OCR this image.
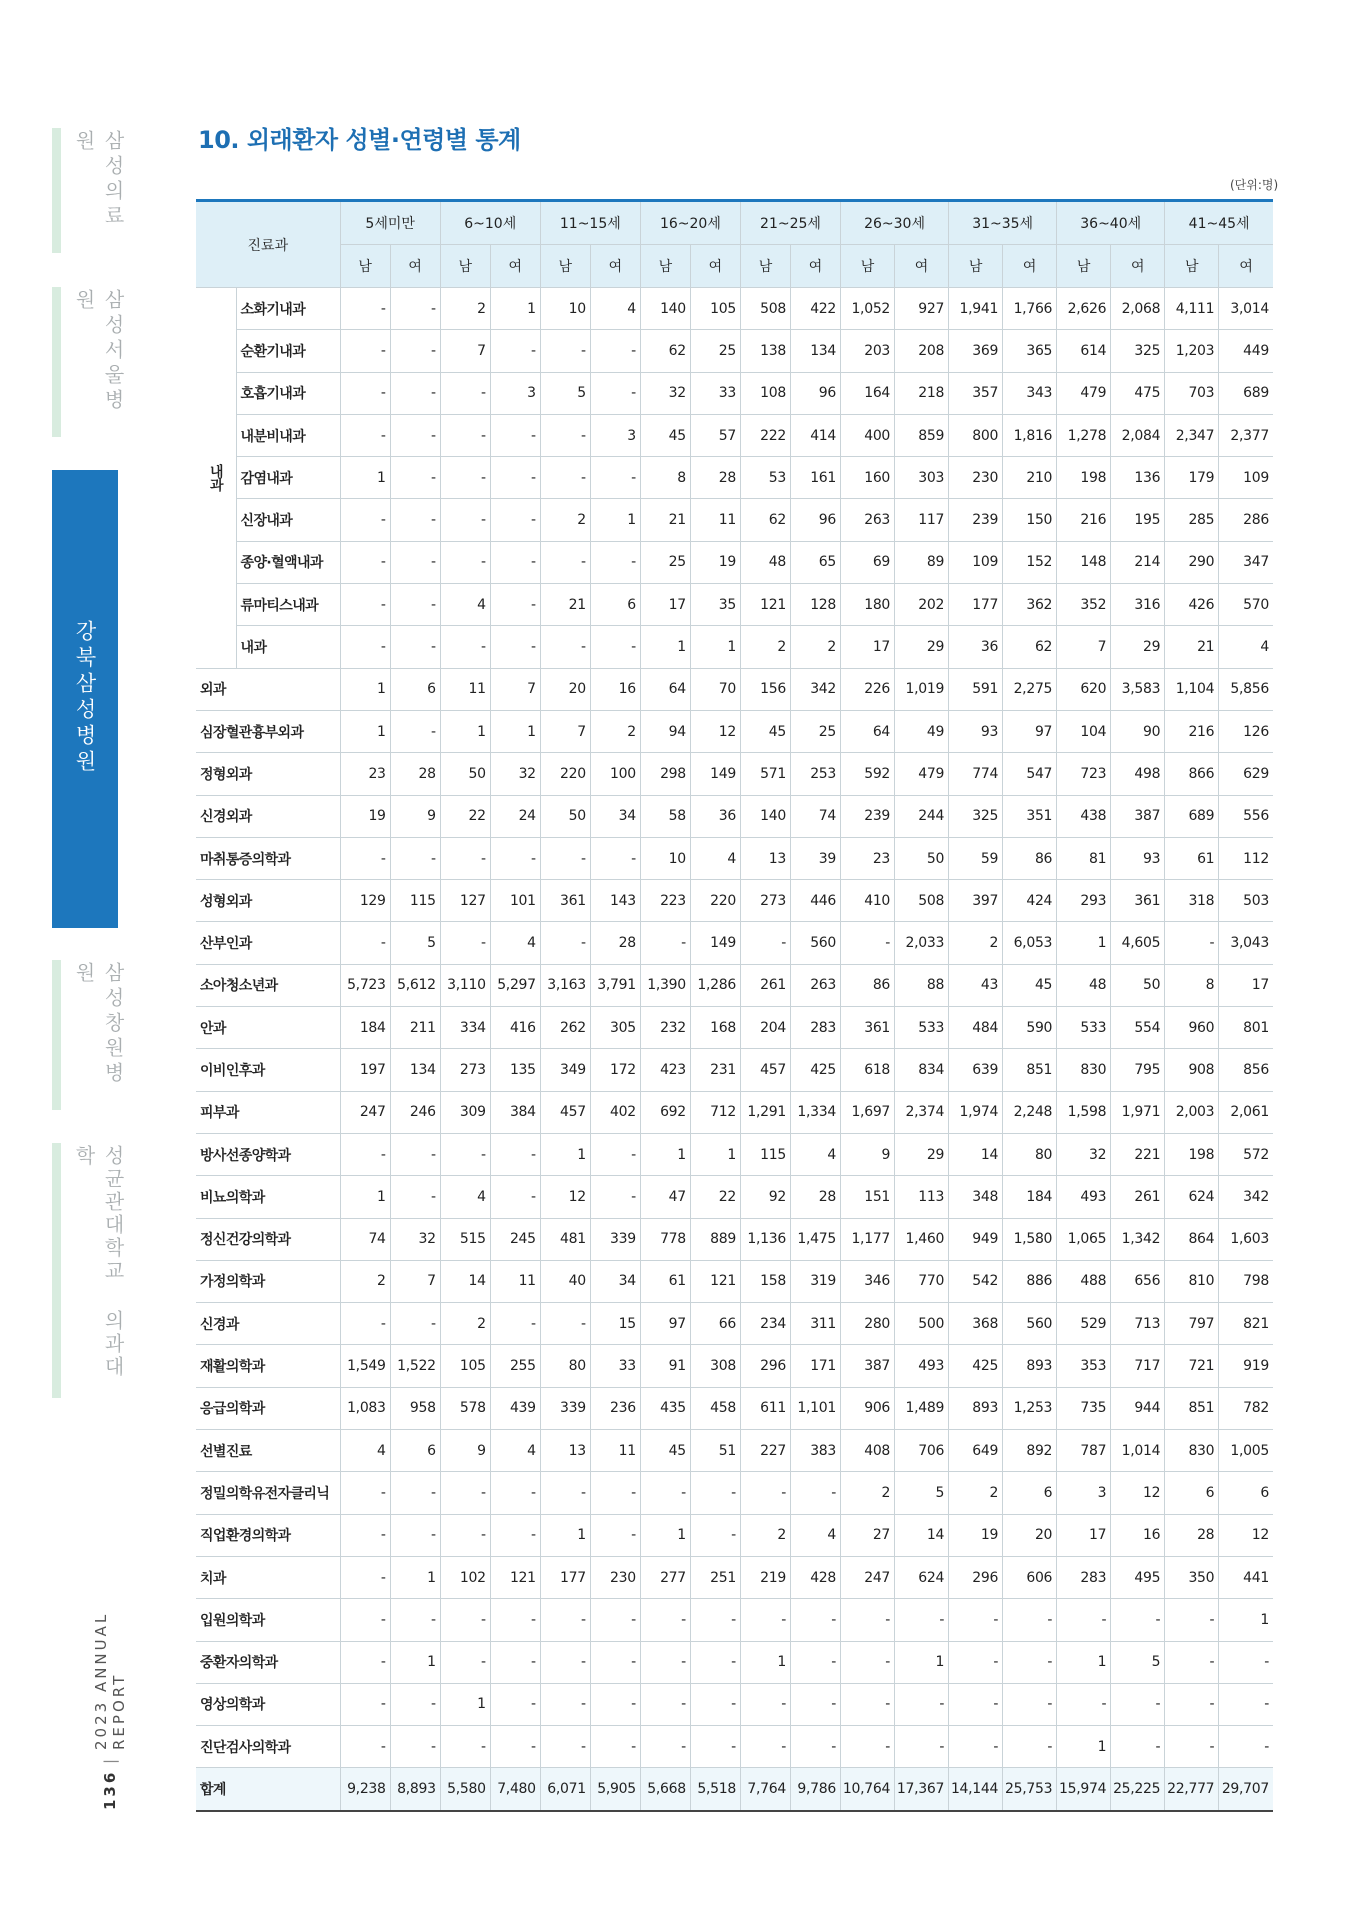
삼성의료원
삼성서울병원
강북삼성병원
삼성창원병원
성균관대학교 의과대학
136
|
2023 ANNUAL REPORT
10. 외래환자 성별·연령별 통계
(단위:명)
진료과		5세미만		6~10세		11~15세		16~20세		21~25세		26~30세		31~35세		36~40세		41~45세	
		남	여	남	여	남	여	남	여	남	여	남	여	남	여	남	여	남	여
내과	소화기내과	-	-	2	1	10	4	140	105	508	422	1,052	927	1,941	1,766	2,626	2,068	4,111	3,014
	순환기내과	-	-	7	-	-	-	62	25	138	134	203	208	369	365	614	325	1,203	449
	호흡기내과	-	-	-	3	5	-	32	33	108	96	164	218	357	343	479	475	703	689
	내분비내과	-	-	-	-	-	3	45	57	222	414	400	859	800	1,816	1,278	2,084	2,347	2,377
	감염내과	1	-	-	-	-	-	8	28	53	161	160	303	230	210	198	136	179	109
	신장내과	-	-	-	-	2	1	21	11	62	96	263	117	239	150	216	195	285	286
	종양·혈액내과	-	-	-	-	-	-	25	19	48	65	69	89	109	152	148	214	290	347
	류마티스내과	-	-	4	-	21	6	17	35	121	128	180	202	177	362	352	316	426	570
	내과	-	-	-	-	-	-	1	1	2	2	17	29	36	62	7	29	21	4
외과		1	6	11	7	20	16	64	70	156	342	226	1,019	591	2,275	620	3,583	1,104	5,856
심장혈관흉부외과		1	-	1	1	7	2	94	12	45	25	64	49	93	97	104	90	216	126
정형외과		23	28	50	32	220	100	298	149	571	253	592	479	774	547	723	498	866	629
신경외과		19	9	22	24	50	34	58	36	140	74	239	244	325	351	438	387	689	556
마취통증의학과		-	-	-	-	-	-	10	4	13	39	23	50	59	86	81	93	61	112
성형외과		129	115	127	101	361	143	223	220	273	446	410	508	397	424	293	361	318	503
산부인과		-	5	-	4	-	28	-	149	-	560	-	2,033	2	6,053	1	4,605	-	3,043
소아청소년과		5,723	5,612	3,110	5,297	3,163	3,791	1,390	1,286	261	263	86	88	43	45	48	50	8	17
안과		184	211	334	416	262	305	232	168	204	283	361	533	484	590	533	554	960	801
이비인후과		197	134	273	135	349	172	423	231	457	425	618	834	639	851	830	795	908	856
피부과		247	246	309	384	457	402	692	712	1,291	1,334	1,697	2,374	1,974	2,248	1,598	1,971	2,003	2,061
방사선종양학과		-	-	-	-	1	-	1	1	115	4	9	29	14	80	32	221	198	572
비뇨의학과		1	-	4	-	12	-	47	22	92	28	151	113	348	184	493	261	624	342
정신건강의학과		74	32	515	245	481	339	778	889	1,136	1,475	1,177	1,460	949	1,580	1,065	1,342	864	1,603
가정의학과		2	7	14	11	40	34	61	121	158	319	346	770	542	886	488	656	810	798
신경과		-	-	2	-	-	15	97	66	234	311	280	500	368	560	529	713	797	821
재활의학과		1,549	1,522	105	255	80	33	91	308	296	171	387	493	425	893	353	717	721	919
응급의학과		1,083	958	578	439	339	236	435	458	611	1,101	906	1,489	893	1,253	735	944	851	782
선별진료		4	6	9	4	13	11	45	51	227	383	408	706	649	892	787	1,014	830	1,005
정밀의학유전자클리닉		-	-	-	-	-	-	-	-	-	-	2	5	2	6	3	12	6	6
직업환경의학과		-	-	-	-	1	-	1	-	2	4	27	14	19	20	17	16	28	12
치과		-	1	102	121	177	230	277	251	219	428	247	624	296	606	283	495	350	441
입원의학과		-	-	-	-	-	-	-	-	-	-	-	-	-	-	-	-	-	1
중환자의학과		-	1	-	-	-	-	-	-	1	-	-	1	-	-	1	5	-	-
영상의학과		-	-	1	-	-	-	-	-	-	-	-	-	-	-	-	-	-	-
진단검사의학과		-	-	-	-	-	-	-	-	-	-	-	-	-	-	1	-	-	-
합계		9,238	8,893	5,580	7,480	6,071	5,905	5,668	5,518	7,764	9,786	10,764	17,367	14,144	25,753	15,974	25,225	22,777	29,707
